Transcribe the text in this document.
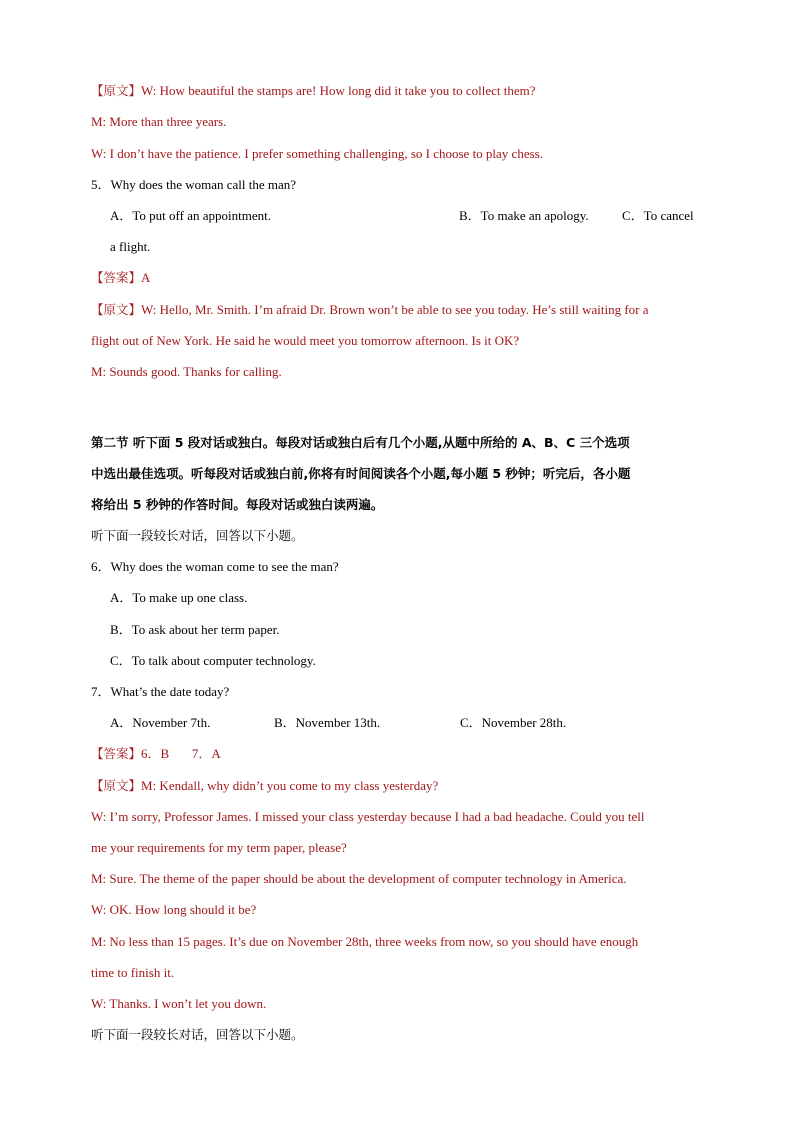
【原文】W: How beautiful the stamps are! How long did it take you to collect them?
M: More than three years.
W: I don’t have the patience. I prefer something challenging, so I choose to play chess.
5．Why does the woman call the man?
A．To put off an appointment.	B．To make an apology.	C．To cancel
a flight.
【答案】A
【原文】W: Hello, Mr. Smith. I’m afraid Dr. Brown won’t be able to see you today. He’s still waiting for a
flight out of New York. He said he would meet you tomorrow afternoon. Is it OK?
M: Sounds good. Thanks for calling.
第二节 听下面 5 段对话或独白。每段对话或独白后有几个小题,从题中所给的 A、B、C 三个选项
中选出最佳选项。听每段对话或独白前,你将有时间阅读各个小题,每小题 5 秒钟；听完后，各小题
将给出 5 秒钟的作答时间。每段对话或独白读两遍。
听下面一段较长对话，回答以下小题。
6．Why does the woman come to see the man?
A．To make up one class.
B．To ask about her term paper.
C．To talk about computer technology.
7．What’s the date today?
A．November 7th.	B．November 13th.	C．November 28th.
【答案】6．B       7．A
【原文】M: Kendall, why didn’t you come to my class yesterday?
W: I’m sorry, Professor James. I missed your class yesterday because I had a bad headache. Could you tell
me your requirements for my term paper, please?
M: Sure. The theme of the paper should be about the development of computer technology in America.
W: OK. How long should it be?
M: No less than 15 pages. It’s due on November 28th, three weeks from now, so you should have enough
time to finish it.
W: Thanks. I won’t let you down.
听下面一段较长对话，回答以下小题。
